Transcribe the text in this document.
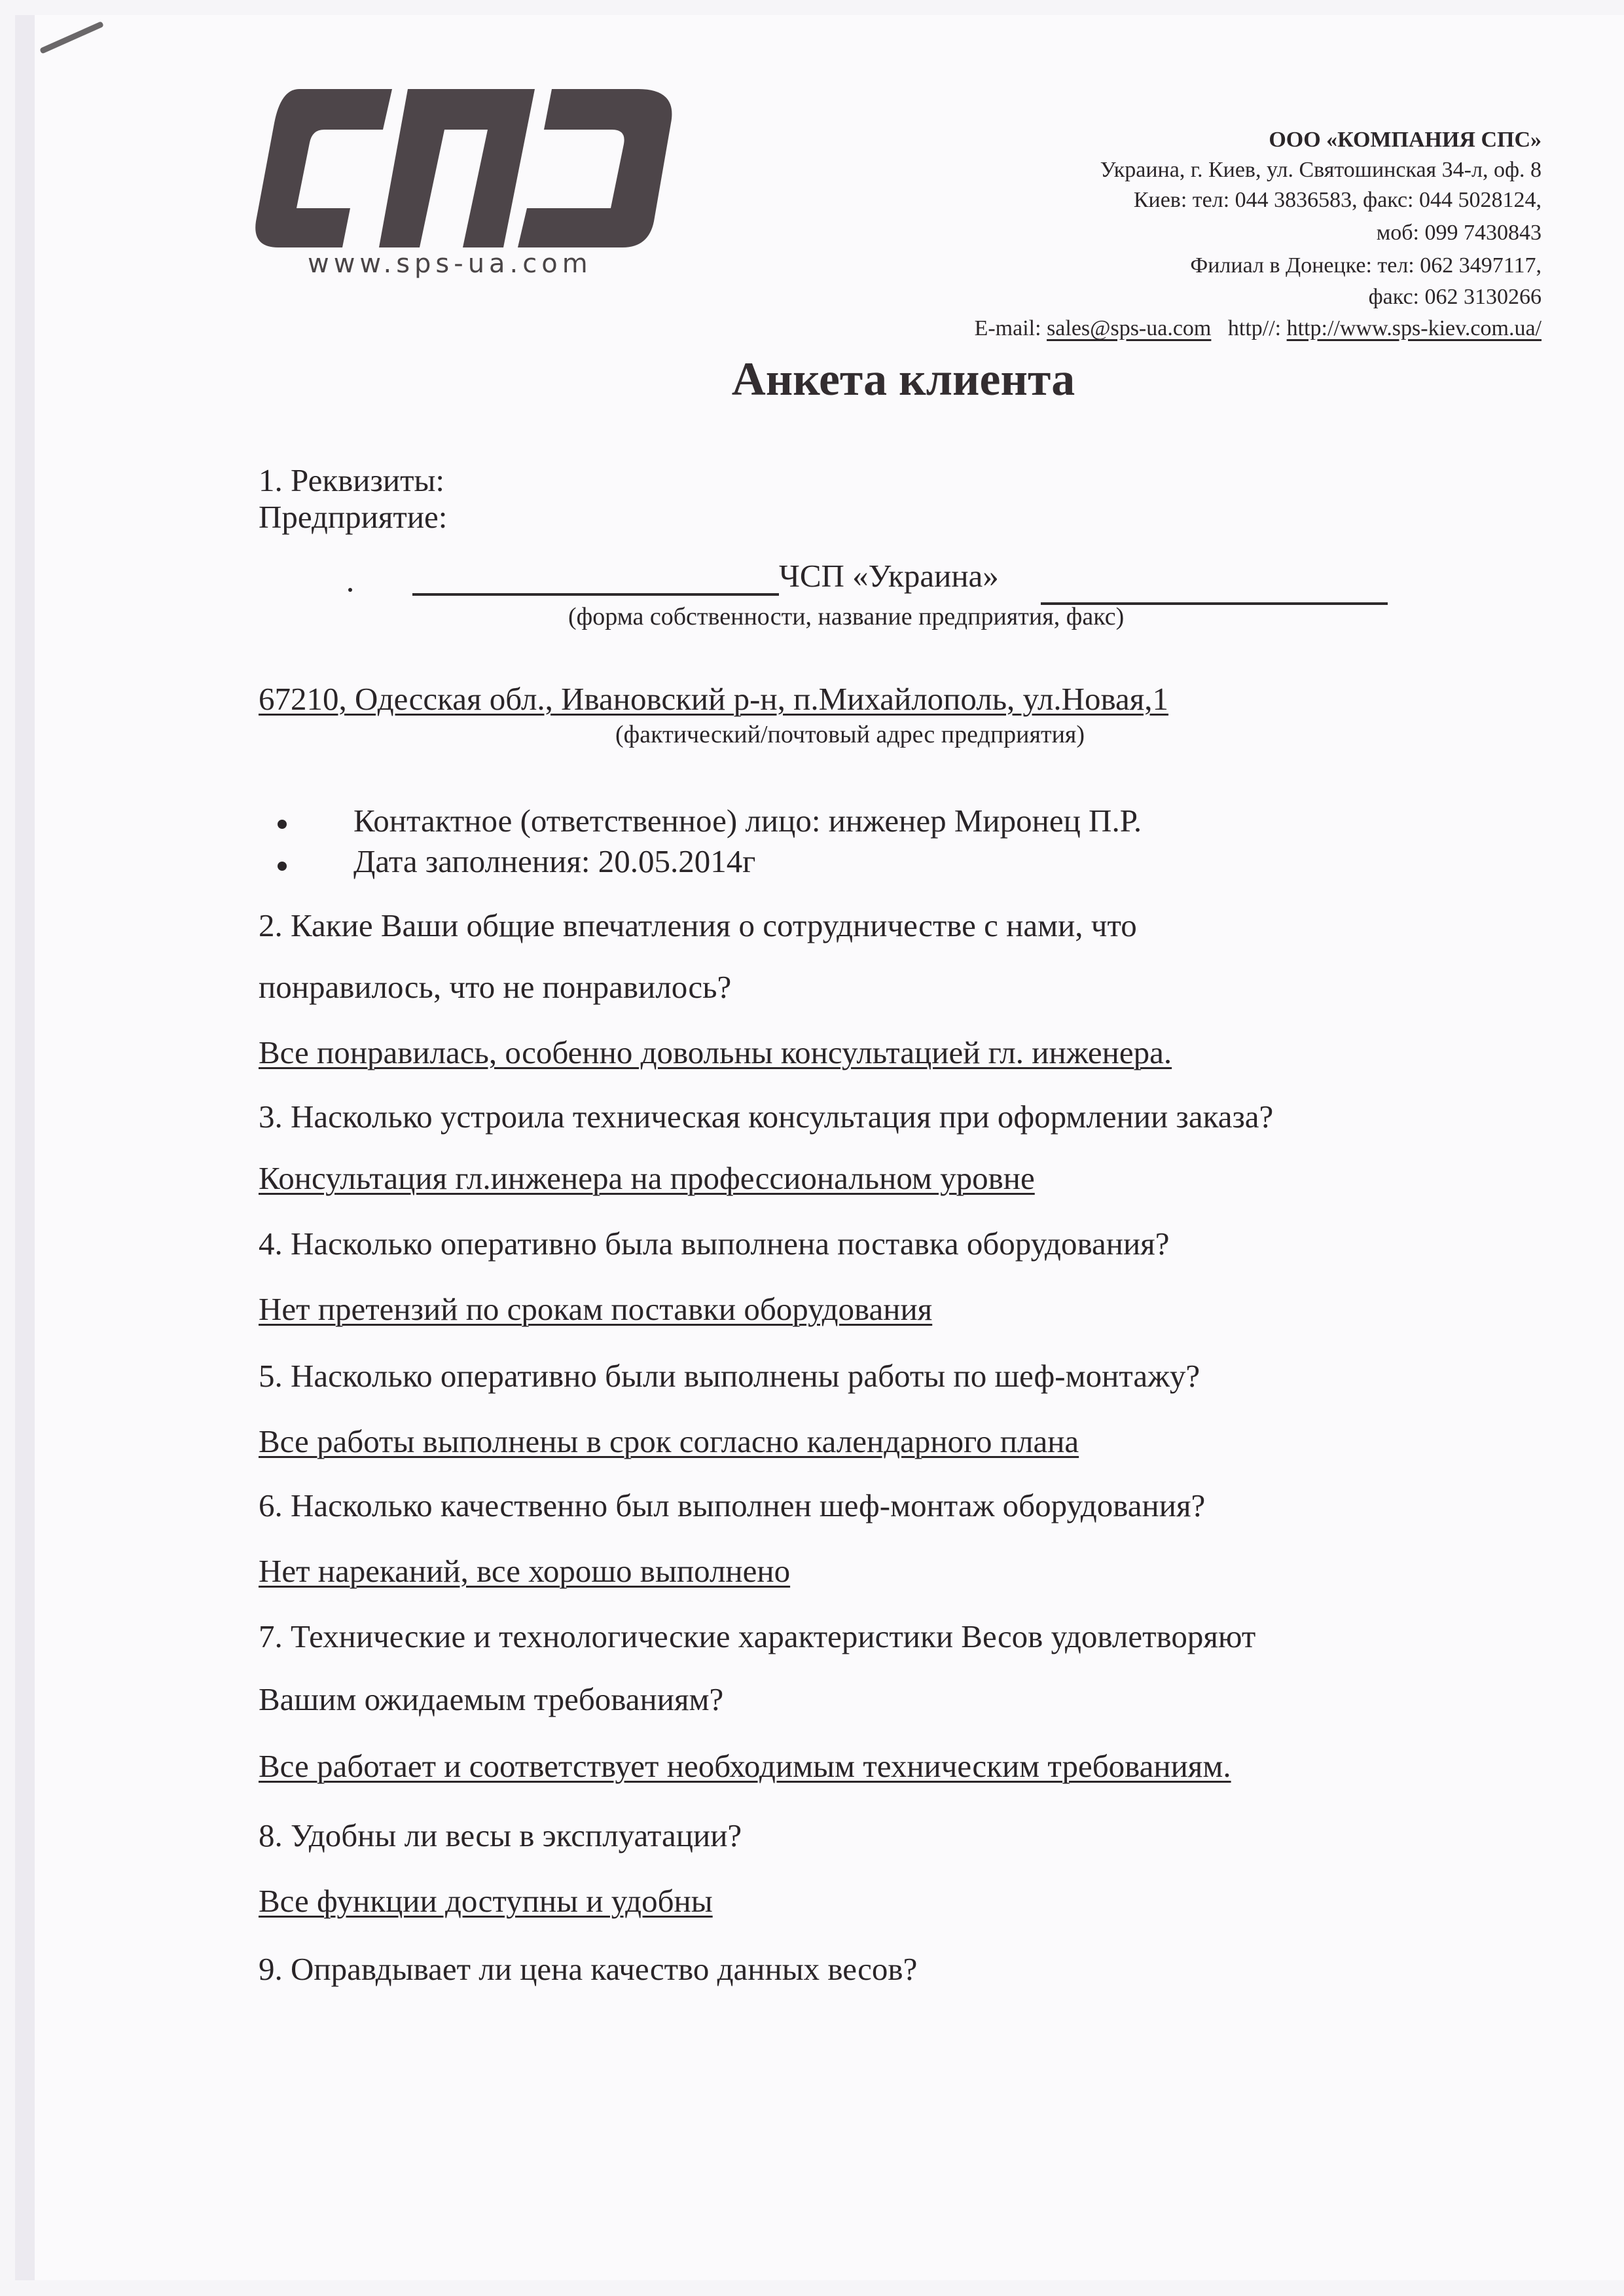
www.sps-ua.com
ООО «КОМПАНИЯ СПС»
Украина, г. Киев, ул. Святошинская 34-л, оф. 8
Киев: тел: 044 3836583, факс: 044 5028124,
моб: 099 7430843
Филиал в Донецке: тел: 062 3497117,
факс: 062 3130266
E-mail: sales@sps-ua.com http//: http://www.sps-kiev.com.ua/
Анкета клиента
1. Реквизиты:
Предприятие:
ЧСП «Украина»
(форма собственности, название предприятия, факс)
67210, Одесская обл., Ивановский р-н, п.Михайлополь, ул.Новая,1
(фактический/почтовый адрес предприятия)
Контактное (ответственное) лицо: инженер Миронец П.Р.
Дата заполнения: 20.05.2014г
2. Какие Ваши общие впечатления о сотрудничестве с нами, что
понравилось, что не понравилось?
Все понравилась, особенно довольны консультацией гл. инженера.
3. Насколько устроила техническая консультация при оформлении заказа?
Консультация гл.инженера на профессиональном уровне
4. Насколько оперативно была выполнена поставка оборудования?
Нет претензий по срокам поставки оборудования
5. Насколько оперативно были выполнены работы по шеф-монтажу?
Все работы выполнены в срок согласно календарного плана
6. Насколько качественно был выполнен шеф-монтаж оборудования?
Нет нареканий, все хорошо выполнено
7. Технические и технологические характеристики Весов удовлетворяют
Вашим ожидаемым требованиям?
Все работает и соответствует необходимым техническим требованиям.
8. Удобны ли весы в эксплуатации?
Все функции доступны и удобны
9. Оправдывает ли цена качество данных весов?
